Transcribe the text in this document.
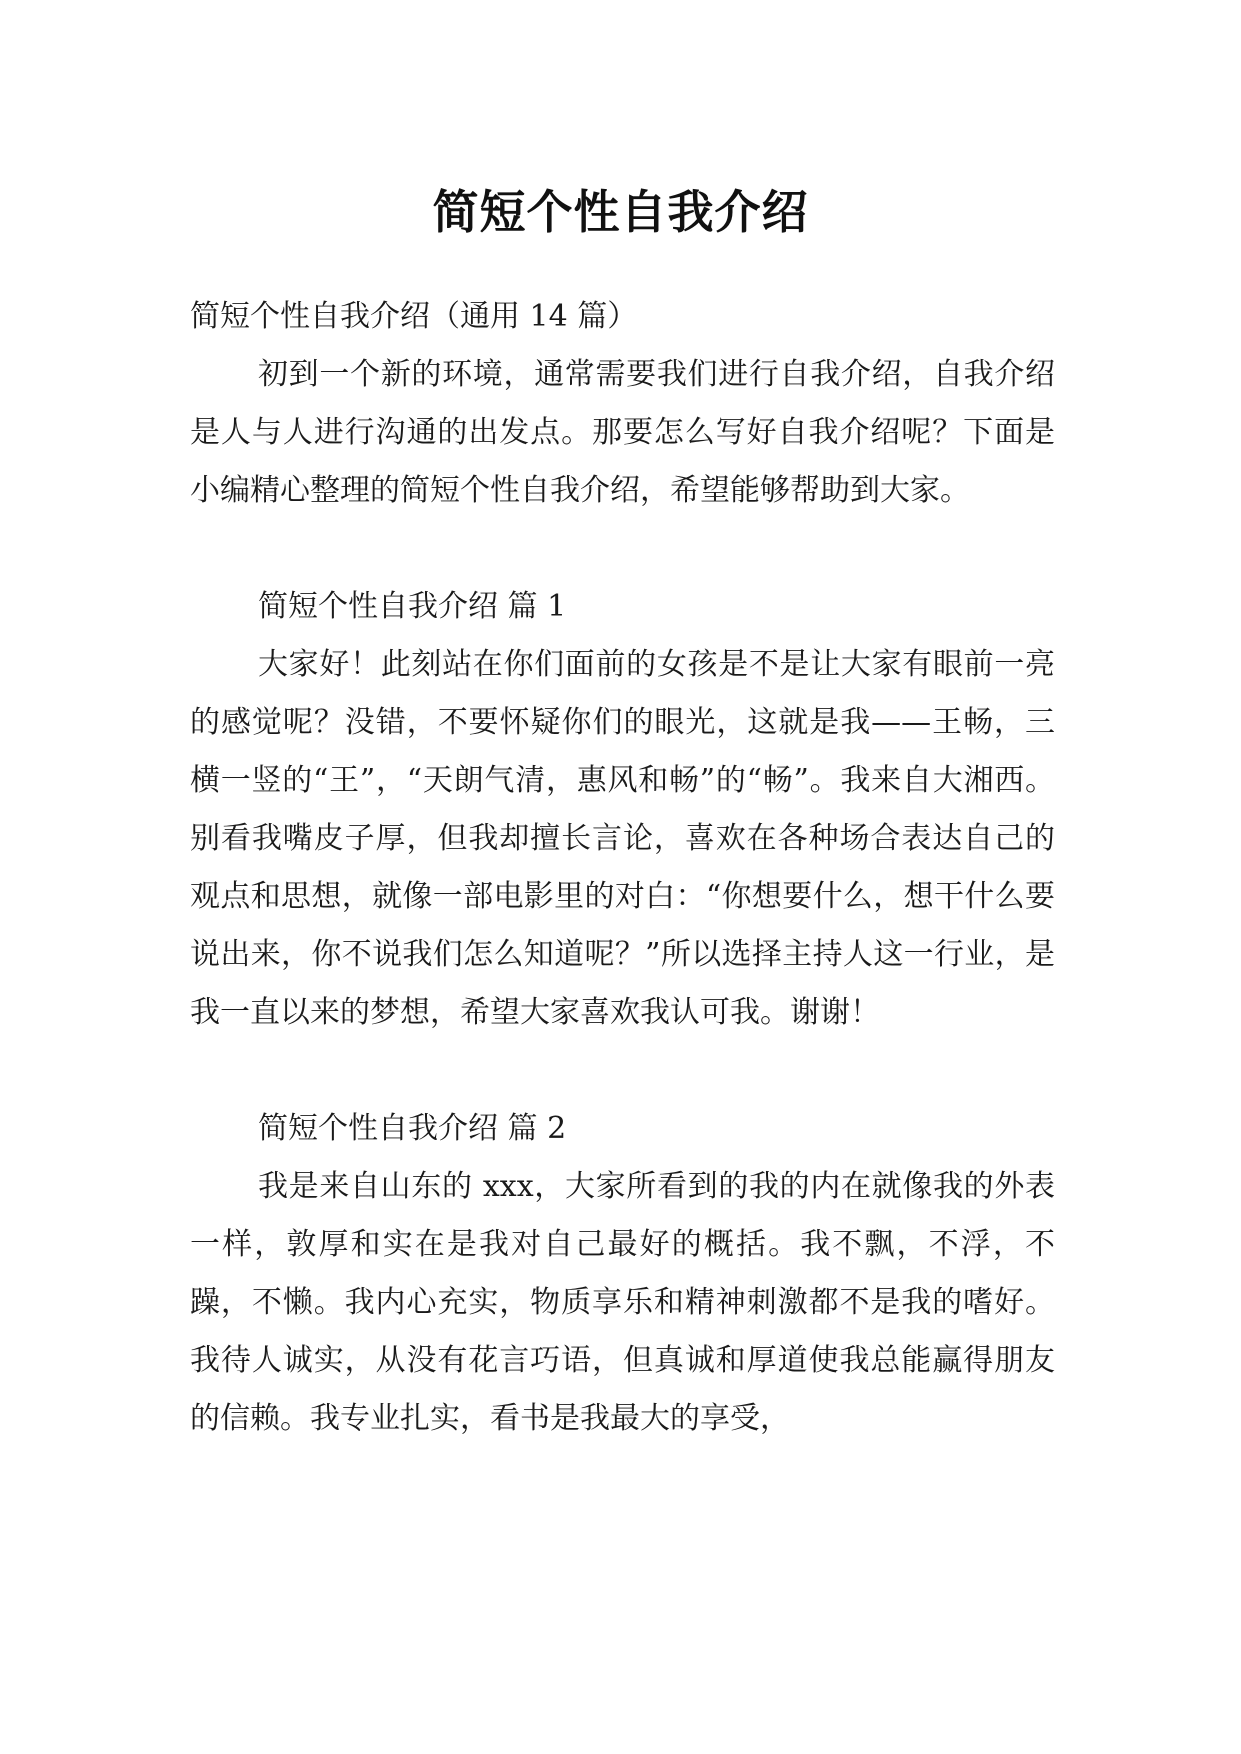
简短个性自我介绍

简短个性自我介绍（通用 14 篇）

初到一个新的环境，通常需要我们进行自我介绍，自我介绍是人与人进行沟通的出发点。那要怎么写好自我介绍呢？下面是小编精心整理的简短个性自我介绍，希望能够帮助到大家。

简短个性自我介绍 篇 1

大家好！此刻站在你们面前的女孩是不是让大家有眼前一亮的感觉呢？没错，不要怀疑你们的眼光，这就是我——王畅，三横一竖的“王”，“天朗气清，惠风和畅”的“畅”。我来自大湘西。别看我嘴皮子厚，但我却擅长言论，喜欢在各种场合表达自己的观点和思想，就像一部电影里的对白：“你想要什么，想干什么要说出来，你不说我们怎么知道呢？”所以选择主持人这一行业，是我一直以来的梦想，希望大家喜欢我认可我。谢谢！

简短个性自我介绍 篇 2

我是来自山东的 xxx，大家所看到的我的内在就像我的外表一样，敦厚和实在是我对自己最好的概括。我不飘，不浮，不躁，不懒。我内心充实，物质享乐和精神刺激都不是我的嗜好。我待人诚实，从没有花言巧语，但真诚和厚道使我总能赢得朋友的信赖。我专业扎实，看书是我最大的享受，
